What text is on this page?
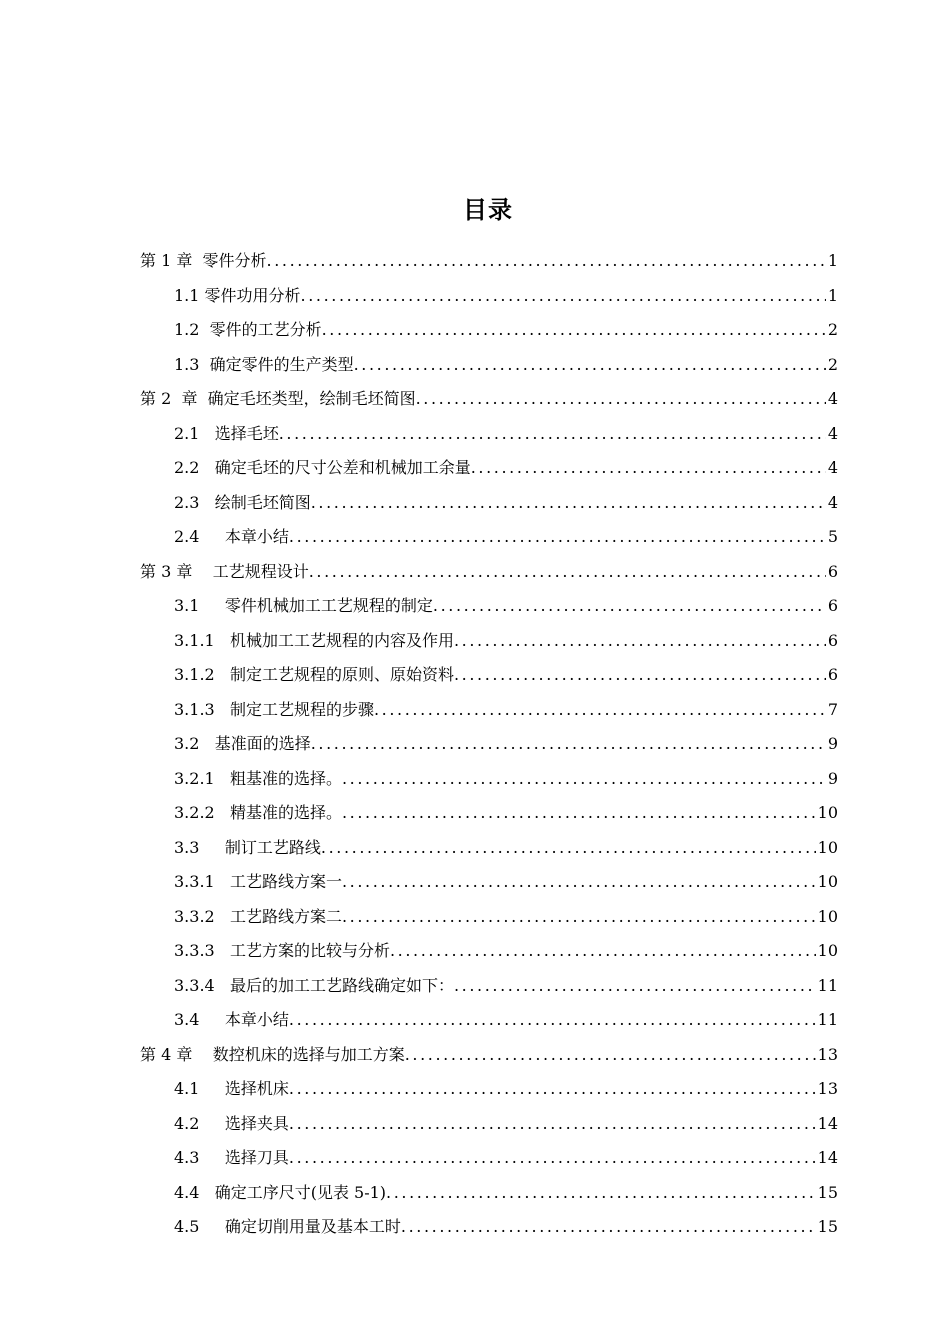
目录
第 1 章  零件分析 .....	1
1.1 零件功用分析 .....	1
1.2  零件的工艺分析 .....	2
1.3  确定零件的生产类型 .....	2
第 2  章  确定毛坯类型，绘制毛坯简图 .....	4
2.1   选择毛坯 .....	4
2.2   确定毛坯的尺寸公差和机械加工余量 .....	4
2.3   绘制毛坯简图 .....	4
2.4     本章小结 .....	5
第 3 章    工艺规程设计 .....	6
3.1     零件机械加工工艺规程的制定 .....	6
3.1.1   机械加工工艺规程的内容及作用 .....	6
3.1.2   制定工艺规程的原则、原始资料 .....	6
3.1.3   制定工艺规程的步骤 .....	7
3.2   基准面的选择 .....	9
3.2.1   粗基准的选择。 .....	9
3.2.2   精基准的选择。 .....	10
3.3     制订工艺路线 .....	10
3.3.1   工艺路线方案一 .....	10
3.3.2   工艺路线方案二 .....	10
3.3.3   工艺方案的比较与分析 .....	10
3.3.4   最后的加工工艺路线确定如下： .....	11
3.4     本章小结 .....	11
第 4 章    数控机床的选择与加工方案 .....	13
4.1     选择机床 .....	13
4.2     选择夹具 .....	14
4.3     选择刀具 .....	14
4.4   确定工序尺寸(见表 5-1) .....	15
4.5     确定切削用量及基本工时 .....	15
